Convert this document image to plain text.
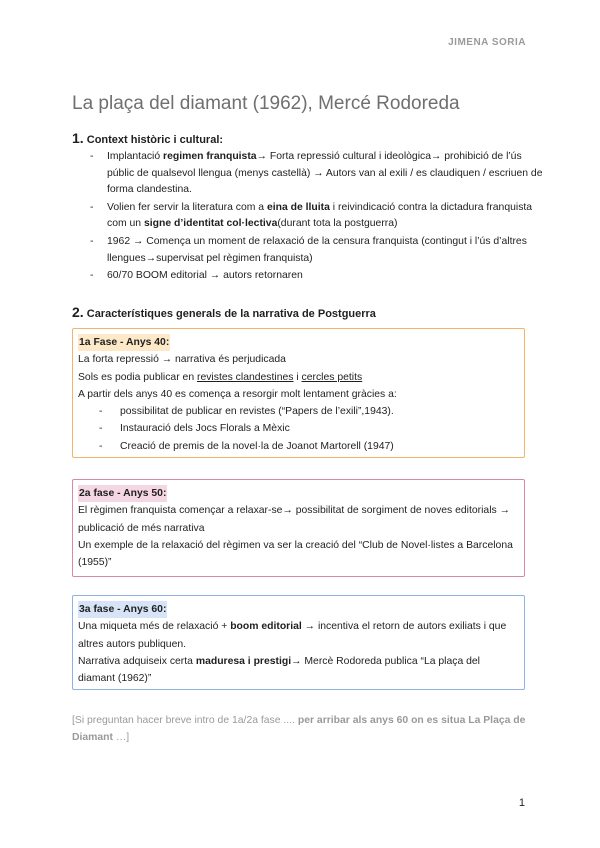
JIMENA SORIA
La plaça del diamant (1962), Mercé Rodoreda
1. Context històric i cultural:
- Implantació regimen franquista→ Forta repressió cultural i ideològica→ prohibició de l’ús públic de qualsevol llengua (menys castellà) → Autors van al exili / es claudiquen / escriuen de forma clandestina.
- Volien fer servir la literatura com a eina de lluita i reivindicació contra la dictadura franquista com un signe d’identitat col·lectiva(durant tota la postguerra)
- 1962 → Comença un moment de relaxació de la censura franquista (contingut i l’ús d’altres llengues→supervisat pel règimen franquista)
- 60/70 BOOM editorial → autors retornaren
2. Característiques generals de la narrativa de Postguerra

1a Fase - Anys 40:

La forta repressió → narrativa és perjudicada

Sols es podia publicar en revistes clandestines i cercles petits

A partir dels anys 40 es comença a resorgir molt lentament gràcies a:

- possibilitat de publicar en revistes (“Papers de l’exili”,1943).
- Instauració dels Jocs Florals a Mèxic
- Creació de premis de la novel·la de Joanot Martorell (1947)

2a fase - Anys 50:

El règimen franquista començar a relaxar-se→ possibilitat de sorgiment de noves editorials → publicació de més narrativa

Un exemple de la relaxació del règimen va ser la creació del “Club de Novel·listes a Barcelona (1955)”

3a fase - Anys 60:

Una miqueta més de relaxació + boom editorial → incentiva el retorn de autors exiliats i que altres autors publiquen.

Narrativa adquiseix certa maduresa i prestigi→ Mercè Rodoreda publica “La plaça del diamant (1962)”

[Si preguntan hacer breve intro de 1a/2a fase .... per arribar als anys 60 on es situa La Plaça de Diamant …]
1
